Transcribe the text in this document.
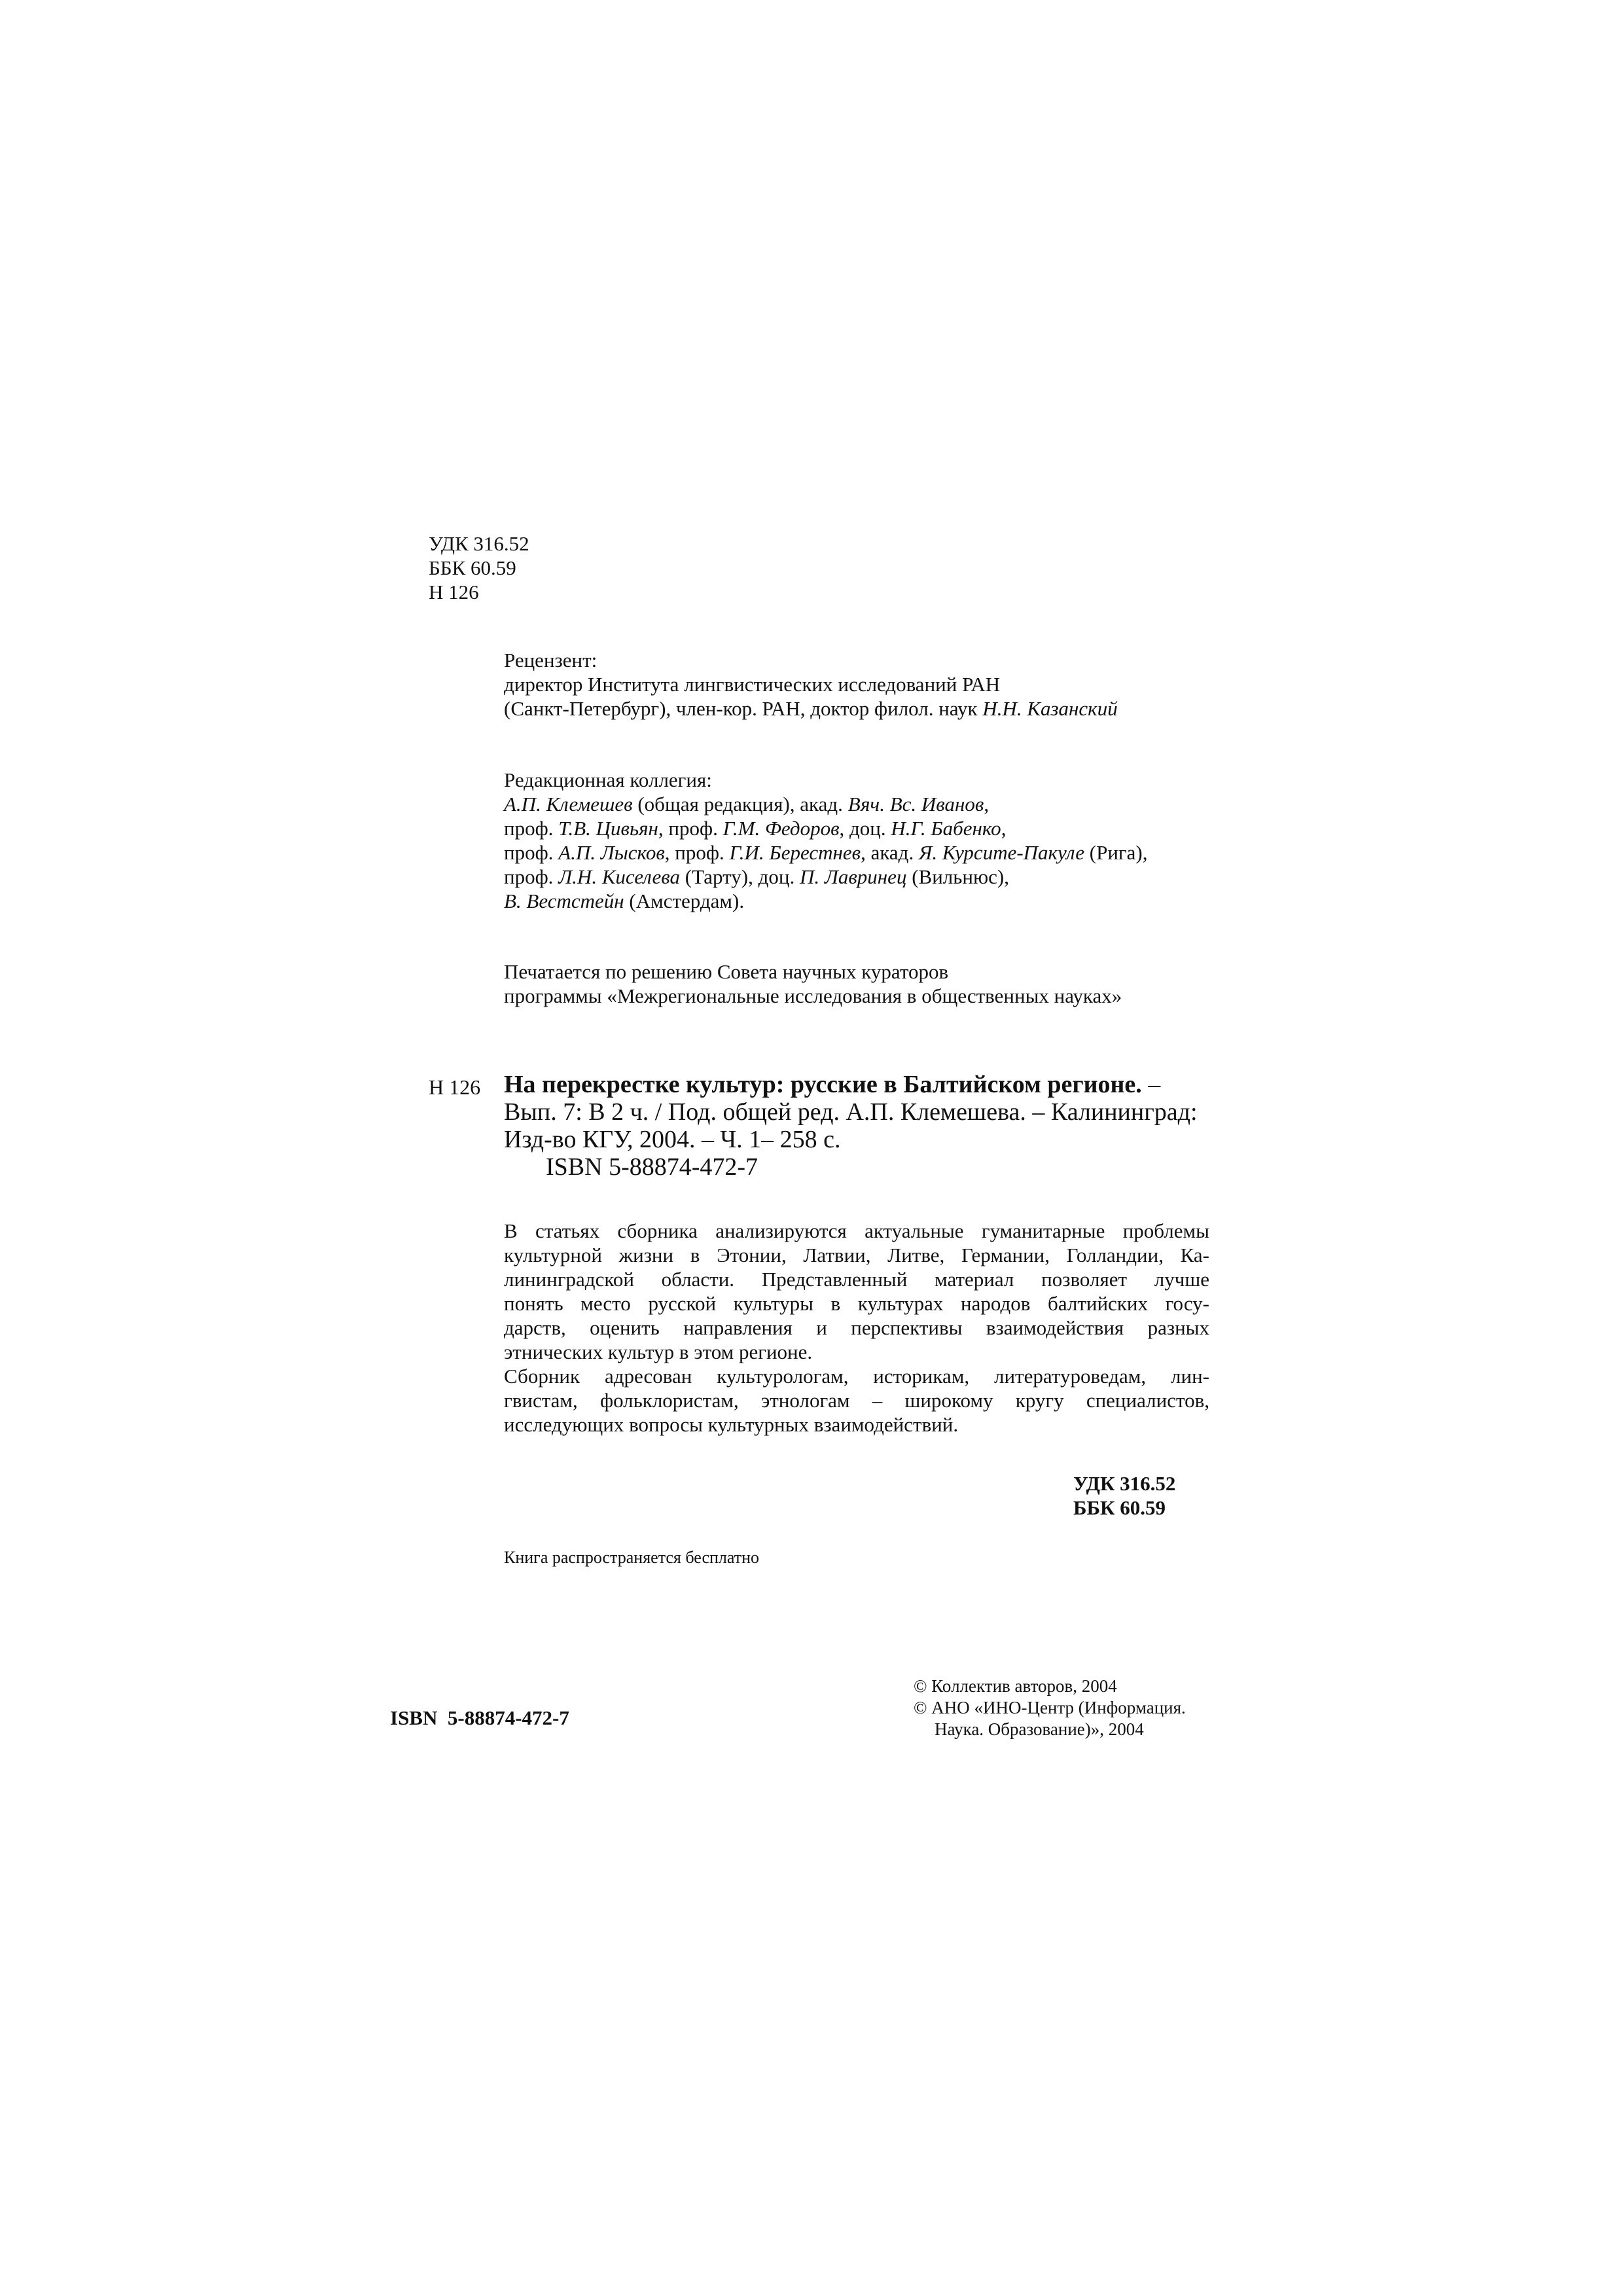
УДК 316.52
ББК 60.59
Н 126
Рецензент:
директор Института лингвистических исследований РАН
(Санкт-Петербург), член-кор. РАН, доктор филол. наук Н.Н. Казанский
Редакционная коллегия:
А.П. Клемешев (общая редакция), акад. Вяч. Вс. Иванов,
проф. Т.В. Цивьян, проф. Г.М. Федоров, доц. Н.Г. Бабенко,
проф. А.П. Лысков, проф. Г.И. Берестнев, акад. Я. Курсите-Пакуле (Рига),
проф. Л.Н. Киселева (Тарту), доц. П. Лавринец (Вильнюс),
В. Вестстейн (Амстердам).
Печатается по решению Совета научных кураторов
программы «Межрегиональные исследования в общественных науках»
Н 126 На перекрестке культур: русские в Балтийском регионе. –
Вып. 7: В 2 ч. / Под. общей ред. А.П. Клемешева. – Калининград:
Изд-во КГУ, 2004. – Ч. 1– 258 с.
ISBN 5-88874-472-7
В статьях сборника анализируются актуальные гуманитарные проблемы
культурной жизни в Этонии, Латвии, Литве, Германии, Голландии, Ка-
лининградской области. Представленный материал позволяет лучше
понять место русской культуры в культурах народов балтийских госу-
дарств, оценить направления и перспективы взаимодействия разных
этнических культур в этом регионе.
Сборник адресован культурологам, историкам, литературоведам, лин-
гвистам, фольклористам, этнологам – широкому кругу специалистов,
исследующих вопросы культурных взаимодействий.
УДК 316.52
ББК 60.59
Книга распространяется бесплатно
ISBN  5-88874-472-7
© Коллектив авторов, 2004
© АНО «ИНО-Центр (Информация.
Наука. Образование)», 2004
